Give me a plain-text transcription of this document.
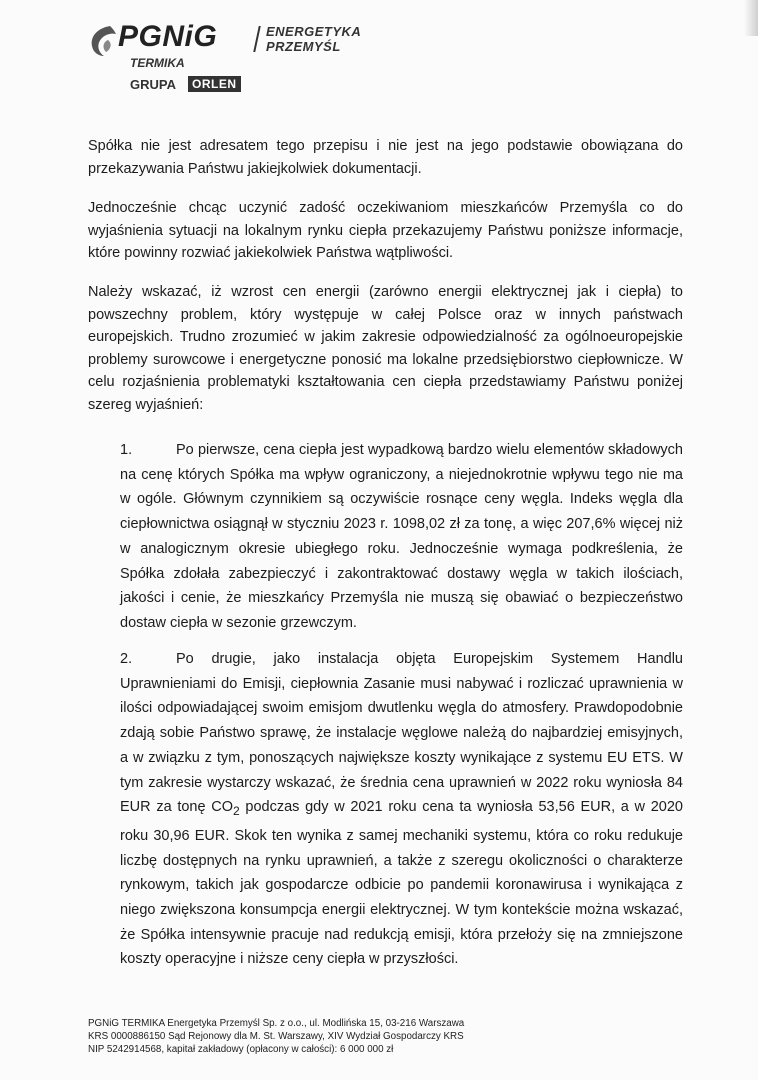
PGNiG	ENERGETYKA
PRZEMYŚL
TERMIKA
GRUPA	ORLEN

Spółka nie jest adresatem tego przepisu i nie jest na jego podstawie obowiązana do przekazywania Państwu jakiejkolwiek dokumentacji.

Jednocześnie chcąc uczynić zadość oczekiwaniom mieszkańców Przemyśla co do wyjaśnienia sytuacji na lokalnym rynku ciepła przekazujemy Państwu poniższe informacje, które powinny rozwiać jakiekolwiek Państwa wątpliwości.

Należy wskazać, iż wzrost cen energii (zarówno energii elektrycznej jak i ciepła) to powszechny problem, który występuje w całej Polsce oraz w innych państwach europejskich. Trudno zrozumieć w jakim zakresie odpowiedzialność za ogólnoeuropejskie problemy surowcowe i energetyczne ponosić ma lokalne przedsiębiorstwo ciepłownicze. W celu rozjaśnienia problematyki kształtowania cen ciepła przedstawiamy Państwu poniżej szereg wyjaśnień:

1.	Po pierwsze, cena ciepła jest wypadkową bardzo wielu elementów składowych na cenę których Spółka ma wpływ ograniczony, a niejednokrotnie wpływu tego nie ma w ogóle. Głównym czynnikiem są oczywiście rosnące ceny węgla. Indeks węgla dla ciepłownictwa osiągnął w styczniu 2023 r. 1098,02 zł za tonę, a więc 207,6% więcej niż w analogicznym okresie ubiegłego roku. Jednocześnie wymaga podkreślenia, że Spółka zdołała zabezpieczyć i zakontraktować dostawy węgla w takich ilościach, jakości i cenie, że mieszkańcy Przemyśla nie muszą się obawiać o bezpieczeństwo dostaw ciepła w sezonie grzewczym.

2.	Po drugie, jako instalacja objęta Europejskim Systemem Handlu Uprawnieniami do Emisji, ciepłownia Zasanie musi nabywać i rozliczać uprawnienia w ilości odpowiadającej swoim emisjom dwutlenku węgla do atmosfery. Prawdopodobnie zdają sobie Państwo sprawę, że instalacje węglowe należą do najbardziej emisyjnych, a w związku z tym, ponoszących największe koszty wynikające z systemu EU ETS. W tym zakresie wystarczy wskazać, że średnia cena uprawnień w 2022 roku wyniosła 84 EUR za tonę $CO_2$ podczas gdy w 2021 roku cena ta wyniosła 53,56 EUR, a w 2020 roku 30,96 EUR. Skok ten wynika z samej mechaniki systemu, która co roku redukuje liczbę dostępnych na rynku uprawnień, a także z szeregu okoliczności o charakterze rynkowym, takich jak gospodarcze odbicie po pandemii koronawirusa i wynikająca z niego zwiększona konsumpcja energii elektrycznej. W tym kontekście można wskazać, że Spółka intensywnie pracuje nad redukcją emisji, która przełoży się na zmniejszone koszty operacyjne i niższe ceny ciepła w przyszłości.

PGNiG TERMIKA Energetyka Przemyśl Sp. z o.o., ul. Modlińska 15, 03-216 Warszawa
KRS 0000886150 Sąd Rejonowy dla M. St. Warszawy, XIV Wydział Gospodarczy KRS
NIP 5242914568, kapitał zakładowy (opłacony w całości): 6 000 000 zł
